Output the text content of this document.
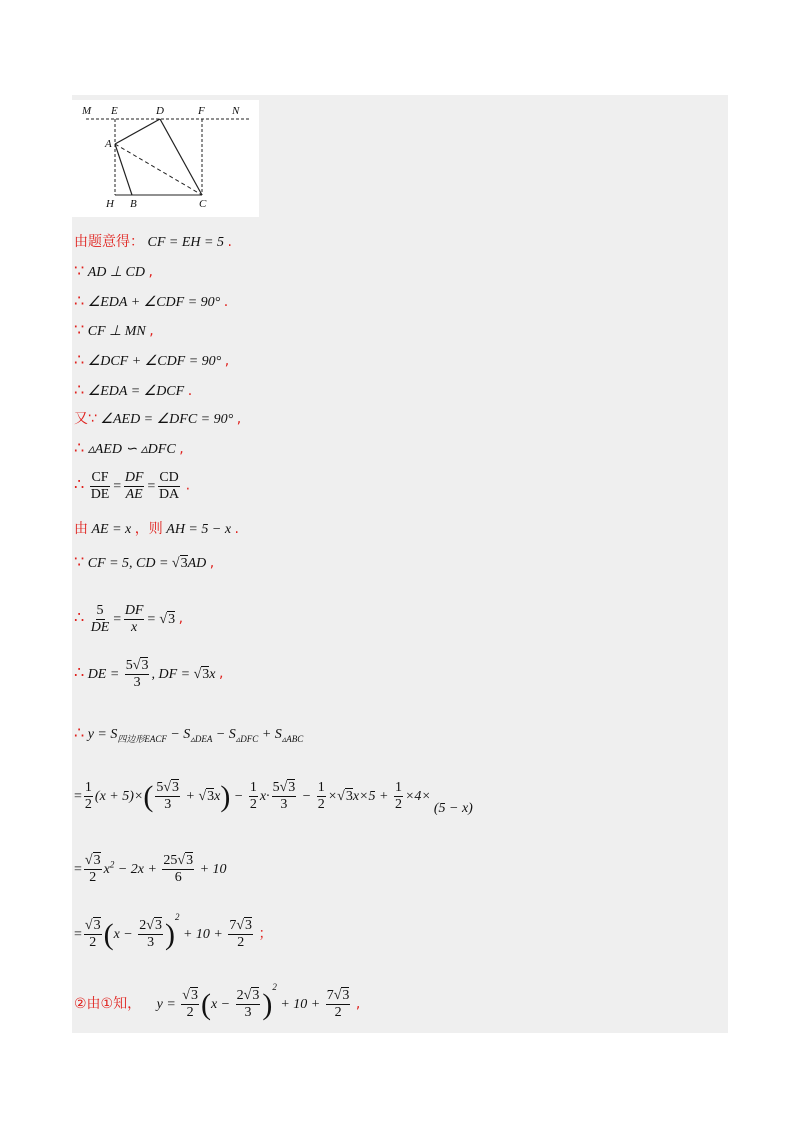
M E	D	F N
A
H B	C
由题意得： CF = EH = 5 .
∵ AD ⊥ CD ,
∴ ∠EDA + ∠CDF = 90° .
∵ CF ⊥ MN ,
∴ ∠DCF + ∠CDF = 90° ,
∴ ∠EDA = ∠DCF .
又∵ ∠AED = ∠DFC = 90° ,
∴ ▵AED ∽ ▵DFC ,
∴ $\frac{CF}{DE} = \frac{DF}{AE} = \frac{CD}{DA}$ .
由 AE = x ，则 AH = 5 − x .
∵ CF = 5, CD = √3AD ,
∴ $\frac{5}{DE} = \frac{DF}{x} = √3$ ,
∴ DE = $\frac{5√3}{3}$ , DF = √3x ,
∴ $y = S_{四边形EACF} - S_{▵DEA} - S_{▵DFC} + S_{▵ABC}$
= $\frac{1}{2} (x + 5)\times( \frac{5√3}{3} + √3x) - \frac{1}{2} x\cdot \frac{5√3}{3} - \frac{1}{2} \times√3x\times 5 + \frac{1}{2} \times 4\times(5 - x)$
= $\frac{√3}{2} x^2 - 2x + \frac{25√3}{6} + 10$
= $\frac{√3}{2} (x - \frac{2√3}{3} )^2 + 10 + \frac{7√3}{2}$ ；
②由①知， $y = \frac{√3}{2} (x - \frac{2√3}{3} )^2 + 10 + \frac{7√3}{2}$ ,
